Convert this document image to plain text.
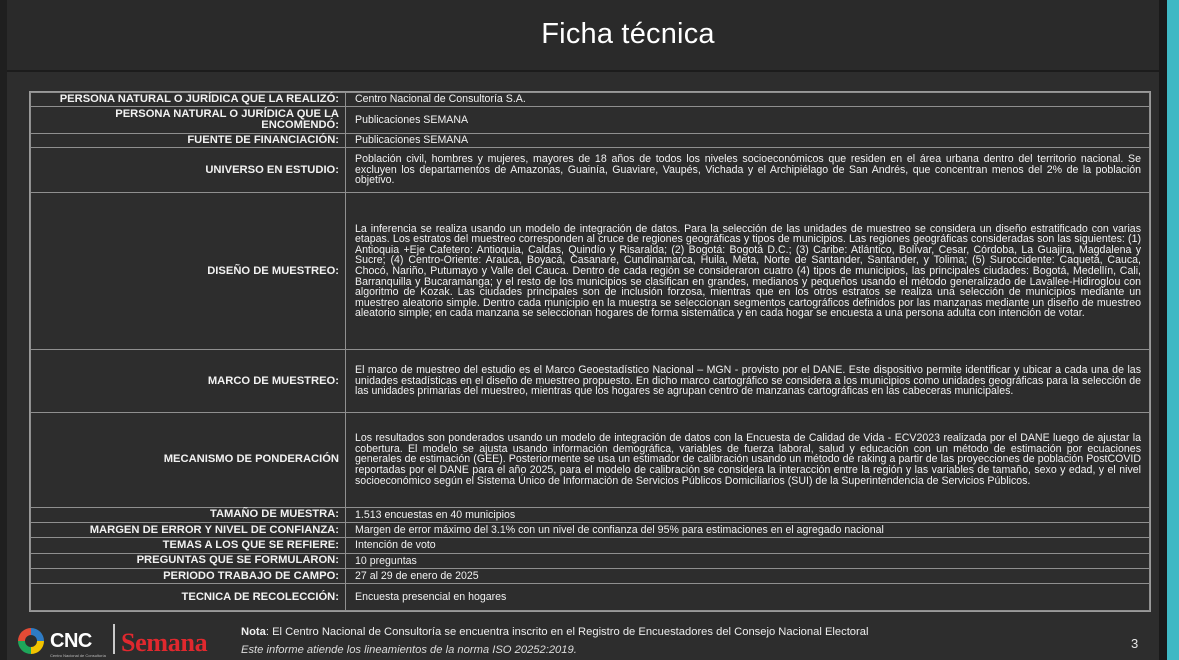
Ficha técnica
PERSONA NATURAL O JURÍDICA QUE LA REALIZÓ:	Centro Nacional de Consultoría S.A.
PERSONA NATURAL O JURÍDICA QUE LA ENCOMENDÓ:	Publicaciones SEMANA
FUENTE DE FINANCIACIÓN:	Publicaciones SEMANA
UNIVERSO EN ESTUDIO:	Población civil, hombres y mujeres, mayores de 18 años de todos los niveles socioeconómicos que residen en el área urbana dentro del territorio nacional. Se excluyen los departamentos de Amazonas, Guainía, Guaviare, Vaupés, Vichada y el Archipiélago de San Andrés, que concentran menos del 2% de la población objetivo.
DISEÑO DE MUESTREO:	La inferencia se realiza usando un modelo de integración de datos. Para la selección de las unidades de muestreo se considera un diseño estratificado con varias etapas. Los estratos del muestreo corresponden al cruce de regiones geográficas y tipos de municipios. Las regiones geográficas consideradas son las siguientes: (1) Antioquia +Eje Cafetero: Antioquia, Caldas, Quindío y Risaralda; (2) Bogotá: Bogotá D.C.; (3) Caribe: Atlántico, Bolívar, Cesar, Córdoba, La Guajira, Magdalena y Sucre; (4) Centro-Oriente: Arauca, Boyacá, Casanare, Cundinamarca, Huila, Meta, Norte de Santander, Santander, y Tolima; (5) Suroccidente: Caquetá, Cauca, Chocó, Nariño, Putumayo y Valle del Cauca. Dentro de cada región se consideraron cuatro (4) tipos de municipios, las principales ciudades: Bogotá, Medellín, Cali, Barranquilla y Bucaramanga; y el resto de los municipios se clasifican en grandes, medianos y pequeños usando el método generalizado de Lavallee-Hidiroglou con algoritmo de Kozak. Las ciudades principales son de inclusión forzosa, mientras que en los otros estratos se realiza una selección de municipios mediante un muestreo aleatorio simple. Dentro cada municipio en la muestra se seleccionan segmentos cartográficos definidos por las manzanas mediante un diseño de muestreo aleatorio simple; en cada manzana se seleccionan hogares de forma sistemática y en cada hogar se encuesta a una persona adulta con intención de votar.
MARCO DE MUESTREO:	El marco de muestreo del estudio es el Marco Geoestadístico Nacional – MGN - provisto por el DANE. Este dispositivo permite identificar y ubicar a cada una de las unidades estadísticas en el diseño de muestreo propuesto. En dicho marco cartográfico se considera a los municipios como unidades geográficas para la selección de las unidades primarias del muestreo, mientras que los hogares se agrupan centro de manzanas cartográficas en las cabeceras municipales.
MECANISMO DE PONDERACIÓN	Los resultados son ponderados usando un modelo de integración de datos con la Encuesta de Calidad de Vida - ECV2023 realizada por el DANE luego de ajustar la cobertura. El modelo se ajusta usando información demográfica, variables de fuerza laboral, salud y educación con un método de estimación por ecuaciones generales de estimación (GEE). Posteriormente se usa un estimador de calibración usando un método de raking a partir de las proyecciones de población PostCOVID reportadas por el DANE para el año 2025, para el modelo de calibración se considera la interacción entre la región y las variables de tamaño, sexo y edad, y el nivel socioeconómico según el Sistema Único de Información de Servicios Públicos Domiciliarios (SUI) de la Superintendencia de Servicios Públicos.
TAMAÑO DE MUESTRA:	1.513 encuestas en 40 municipios
MARGEN DE ERROR Y NIVEL DE CONFIANZA:	Margen de error máximo del 3.1% con un nivel de confianza del 95% para estimaciones en el agregado nacional
TEMAS A LOS QUE SE REFIERE:	Intención de voto
PREGUNTAS QUE SE FORMULARON:	10 preguntas
PERIODO TRABAJO DE CAMPO:	27 al 29 de enero de 2025
TECNICA DE RECOLECCIÓN:	Encuesta presencial en hogares
CNC
Centro Nacional de Consultoría Semana	Nota: El Centro Nacional de Consultoría se encuentra inscrito en el Registro de Encuestadores del Consejo Nacional Electoral
Este informe atiende los lineamientos de la norma ISO 20252:2019.	3
